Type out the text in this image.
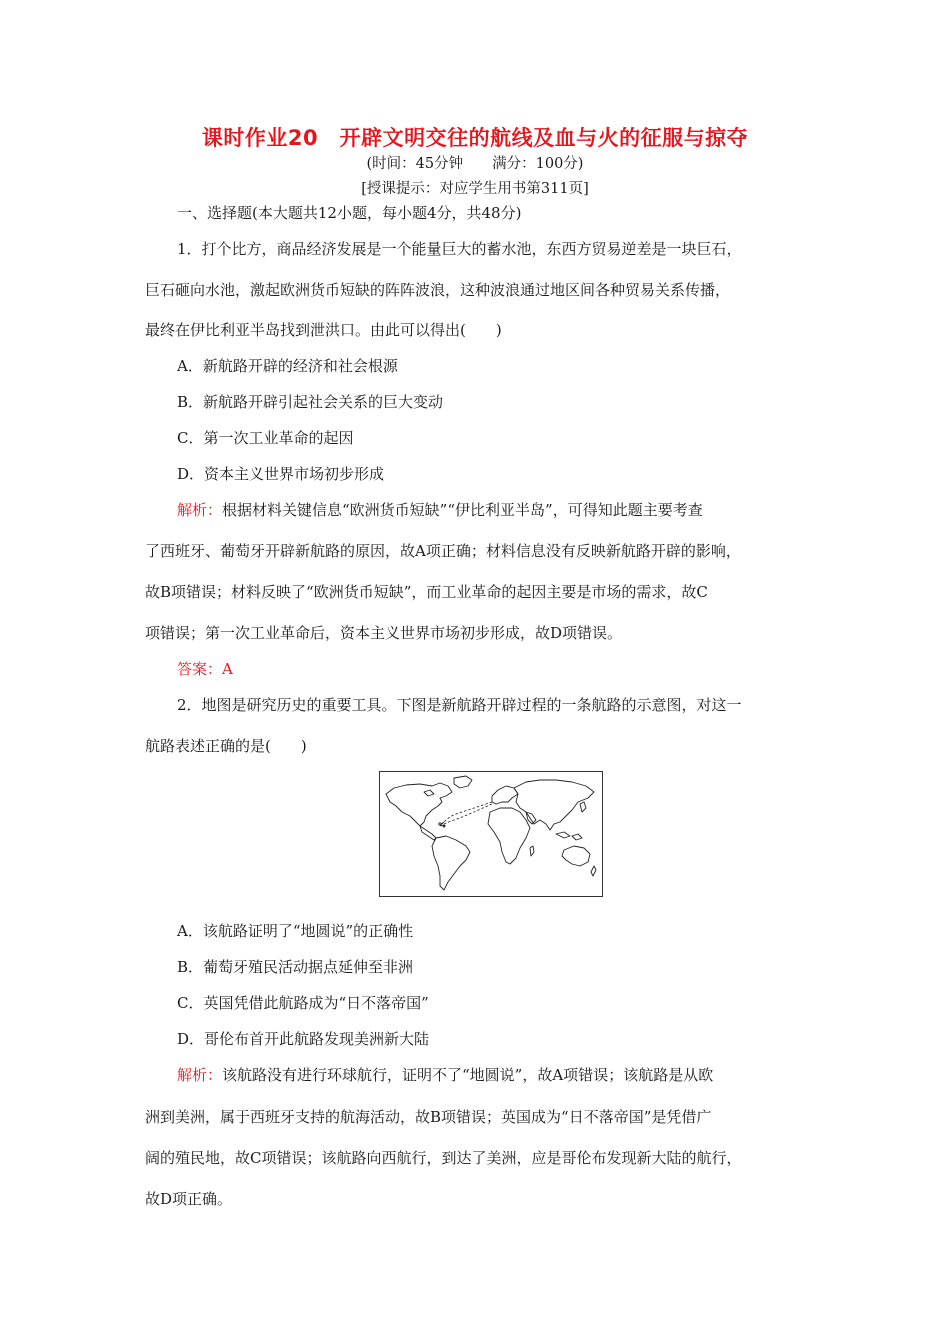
课时作业20　开辟文明交往的航线及血与火的征服与掠夺
(时间：45分钟　　满分：100分)
[授课提示：对应学生用书第311页]
一、选择题(本大题共12小题，每小题4分，共48分)
1．打个比方，商品经济发展是一个能量巨大的蓄水池，东西方贸易逆差是一块巨石，
巨石砸向水池，激起欧洲货币短缺的阵阵波浪，这种波浪通过地区间各种贸易关系传播，
最终在伊比利亚半岛找到泄洪口。由此可以得出(　　)
A．新航路开辟的经济和社会根源
B．新航路开辟引起社会关系的巨大变动
C．第一次工业革命的起因
D．资本主义世界市场初步形成
解析：根据材料关键信息“欧洲货币短缺”“伊比利亚半岛”，可得知此题主要考查
了西班牙、葡萄牙开辟新航路的原因，故A项正确；材料信息没有反映新航路开辟的影响，
故B项错误；材料反映了“欧洲货币短缺”，而工业革命的起因主要是市场的需求，故C
项错误；第一次工业革命后，资本主义世界市场初步形成，故D项错误。
答案：A
2．地图是研究历史的重要工具。下图是新航路开辟过程的一条航路的示意图，对这一
航路表述正确的是(　　)
A．该航路证明了“地圆说”的正确性
B．葡萄牙殖民活动据点延伸至非洲
C．英国凭借此航路成为“日不落帝国”
D．哥伦布首开此航路发现美洲新大陆
解析：该航路没有进行环球航行，证明不了“地圆说”，故A项错误；该航路是从欧
洲到美洲，属于西班牙支持的航海活动，故B项错误；英国成为“日不落帝国”是凭借广
阔的殖民地，故C项错误；该航路向西航行，到达了美洲，应是哥伦布发现新大陆的航行，
故D项正确。
